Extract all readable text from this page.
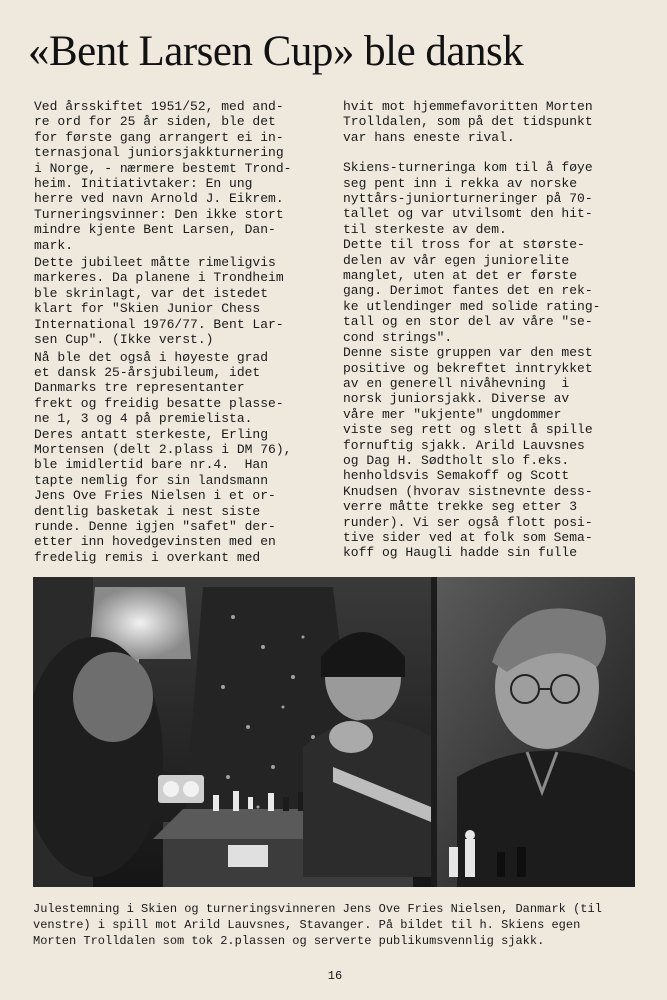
«Bent Larsen Cup» ble dansk

Ved årsskiftet 1951/52, med and-
re ord for 25 år siden, ble det
for første gang arrangert ei in-
ternasjonal juniorsjakkturnering
i Norge, - nærmere bestemt Trond-
heim. Initiativtaker: En ung
herre ved navn Arnold J. Eikrem.
Turneringsvinner: Den ikke stort
mindre kjente Bent Larsen, Dan-
mark.

Dette jubileet måtte rimeligvis
markeres. Da planene i Trondheim
ble skrinlagt, var det istedet
klart for "Skien Junior Chess
International 1976/77. Bent Lar-
sen Cup". (Ikke verst.)

Nå ble det også i høyeste grad
et dansk 25-årsjubileum, idet
Danmarks tre representanter
frekt og freidig besatte plasse-
ne 1, 3 og 4 på premielista.
Deres antatt sterkeste, Erling
Mortensen (delt 2.plass i DM 76),
ble imidlertid bare nr.4.  Han
tapte nemlig for sin landsmann
Jens Ove Fries Nielsen i et or-
dentlig basketak i nest siste
runde. Denne igjen "safet" der-
etter inn hovedgevinsten med en
fredelig remis i overkant med

hvit mot hjemmefavoritten Morten
Trolldalen, som på det tidspunkt
var hans eneste rival.

Skiens-turneringa kom til å føye
seg pent inn i rekka av norske
nyttårs-juniorturneringer på 70-
tallet og var utvilsomt den hit-
til sterkeste av dem.

Dette til tross for at største-
delen av vår egen juniorelite
manglet, uten at det er første
gang. Derimot fantes det en rek-
ke utlendinger med solide rating-
tall og en stor del av våre "se-
cond strings".

Denne siste gruppen var den mest
positive og bekreftet inntrykket
av en generell nivåhevning  i
norsk juniorsjakk. Diverse av
våre mer "ukjente" ungdommer
viste seg rett og slett å spille
fornuftig sjakk. Arild Lauvsnes
og Dag H. Sødtholt slo f.eks.
henholdsvis Semakoff og Scott
Knudsen (hvorav sistnevnte dess-
verre måtte trekke seg etter 3
runder). Vi ser også flott posi-
tive sider ved at folk som Sema-
koff og Haugli hadde sin fulle

Julestemning i Skien og turneringsvinneren Jens Ove Fries Nielsen, Danmark (til
venstre) i spill mot Arild Lauvsnes, Stavanger. På bildet til h. Skiens egen
Morten Trolldalen som tok 2.plassen og serverte publikumsvennlig sjakk.

16
